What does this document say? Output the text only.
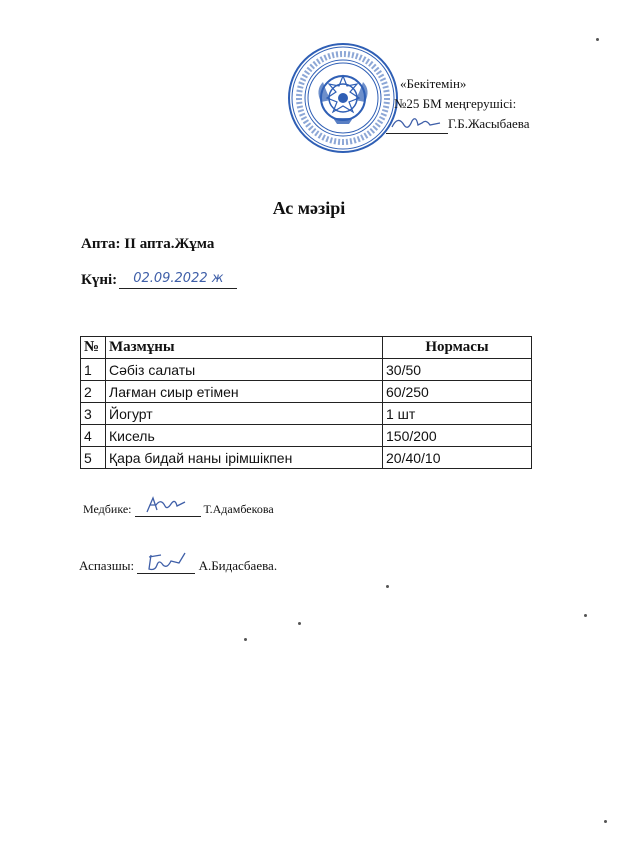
«Бекітемін»
№25 БМ меңгерушісі:
Г.Б.Жасыбаева
Ас мәзірі
Апта: ІІ апта.Жұма
Күні: 02.09.2022 ж
№	Мазмұны	Нормасы
1	Сәбіз салаты	30/50
2	Лағман сиыр етімен	60/250
3	Йогурт	1 шт
4	Кисель	150/200
5	Қара бидай наны ірімшікпен	20/40/10
Медбике:	Т.Адамбекова
Аспазшы:	А.Бидасбаева.
